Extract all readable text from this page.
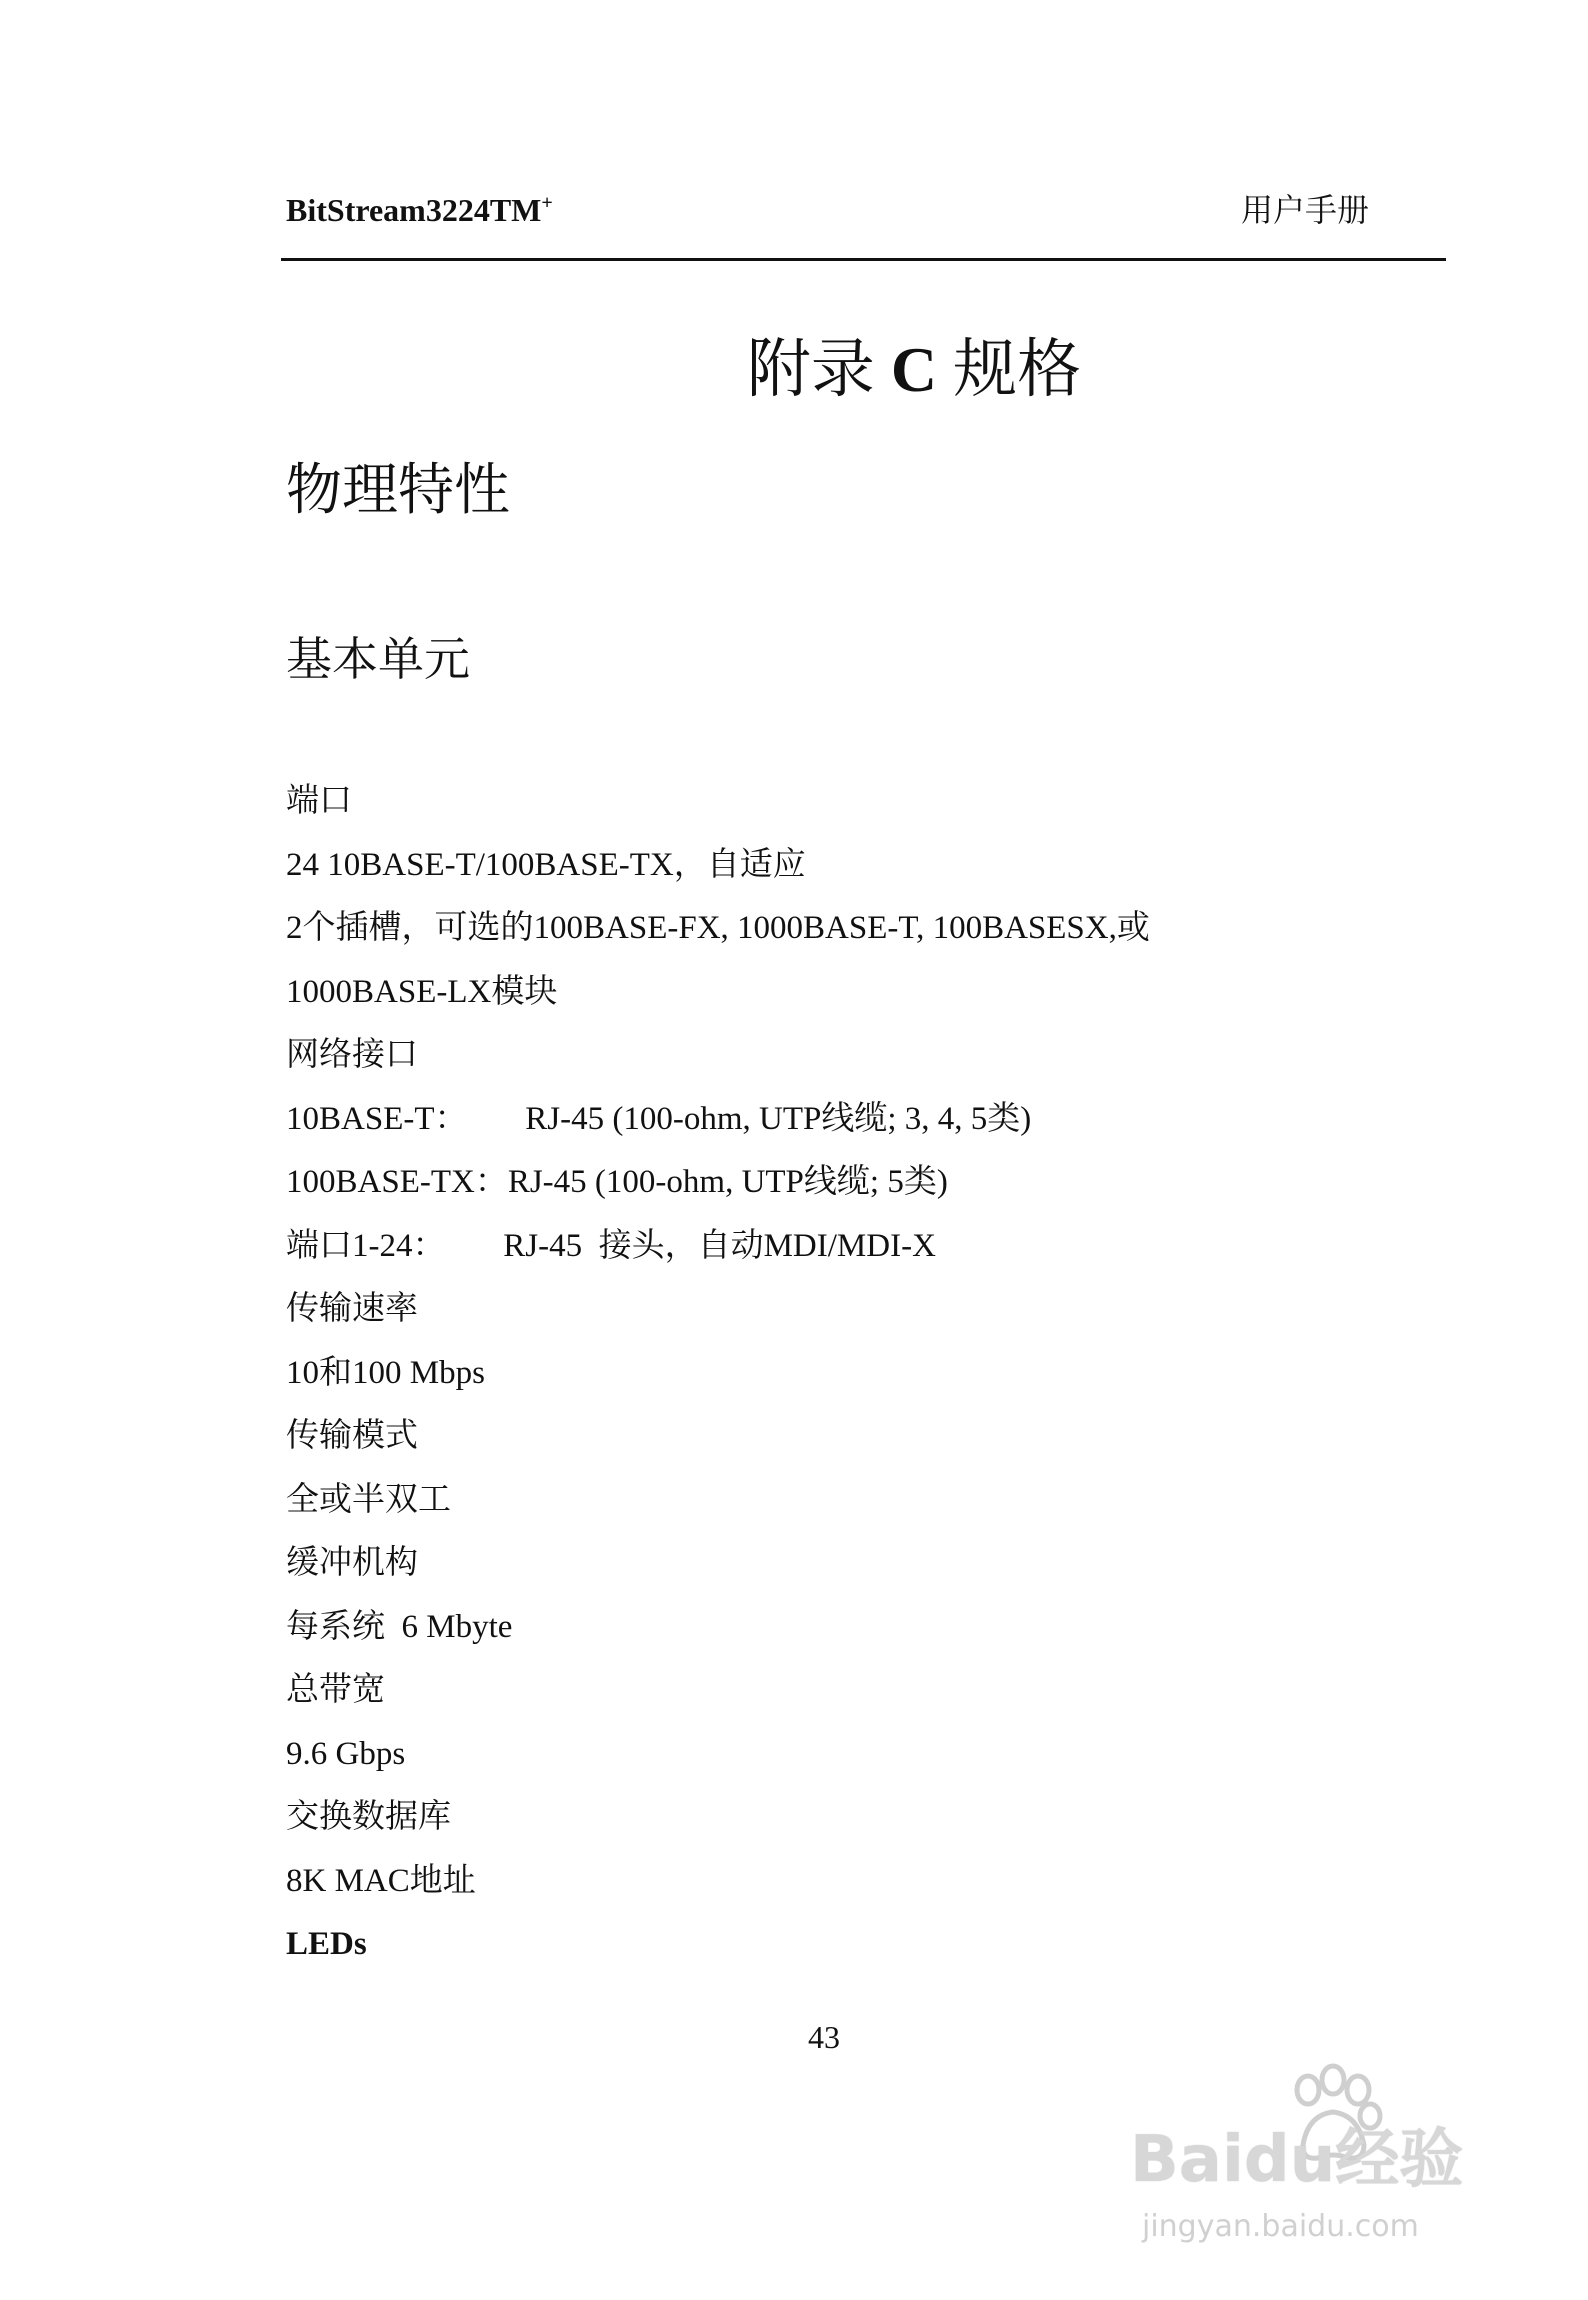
BitStream3224TM+	用户手册
附录 C 规格
物理特性
基本单元
端口
24 10BASE-T/100BASE-TX，自适应
2个插槽，可选的100BASE-FX, 1000BASE-T, 100BASESX,或
1000BASE-LX模块
网络接口
10BASE-T：       RJ-45 (100-ohm, UTP线缆; 3, 4, 5类)
100BASE-TX：RJ-45 (100-ohm, UTP线缆; 5类)
端口1-24：       RJ-45  接头，自动MDI/MDI-X
传输速率
10和100 Mbps
传输模式
全或半双工
缓冲机构
每系统  6 Mbyte
总带宽
9.6 Gbps
交换数据库
8K MAC地址
LEDs
43
Baidu经验
jingyan.baidu.com
